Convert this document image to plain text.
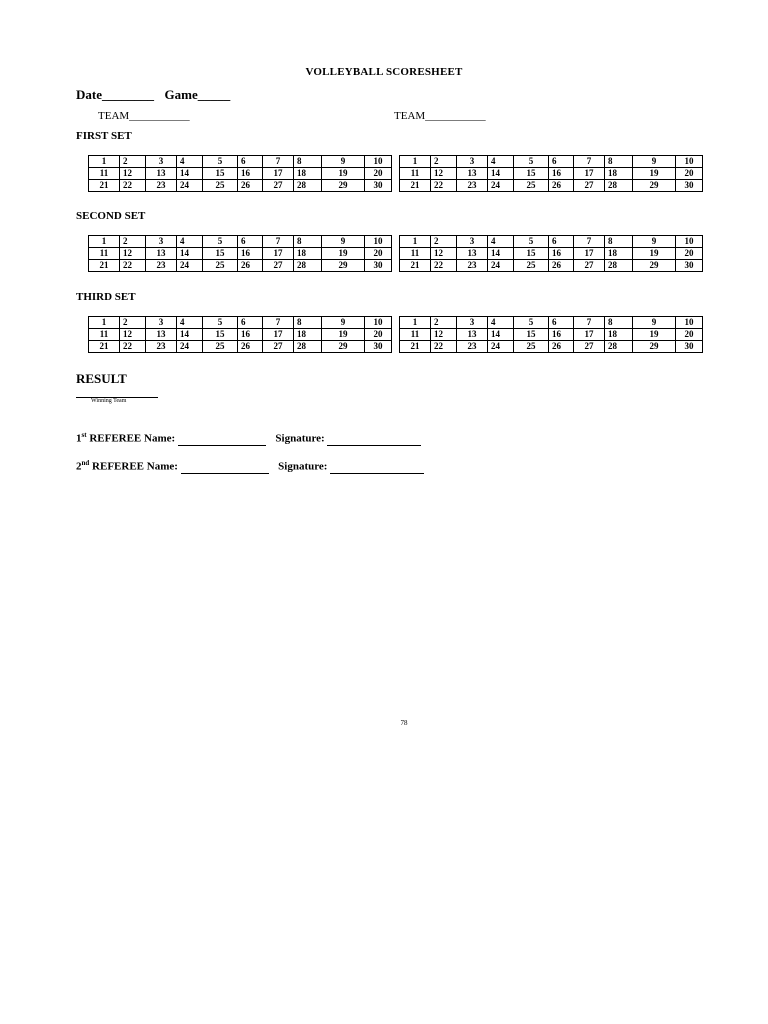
VOLLEYBALL SCORESHEET
Date________ Game_____
TEAM___________	TEAM___________
FIRST SET
SECOND SET
THIRD SET
1	2	3	4	5	6	7	8	9	10
11	12	13	14	15	16	17	18	19	20
21	22	23	24	25	26	27	28	29	30
1	2	3	4	5	6	7	8	9	10
11	12	13	14	15	16	17	18	19	20
21	22	23	24	25	26	27	28	29	30
1	2	3	4	5	6	7	8	9	10
11	12	13	14	15	16	17	18	19	20
21	22	23	24	25	26	27	28	29	30
1	2	3	4	5	6	7	8	9	10
11	12	13	14	15	16	17	18	19	20
21	22	23	24	25	26	27	28	29	30
1	2	3	4	5	6	7	8	9	10
11	12	13	14	15	16	17	18	19	20
21	22	23	24	25	26	27	28	29	30
1	2	3	4	5	6	7	8	9	10
11	12	13	14	15	16	17	18	19	20
21	22	23	24	25	26	27	28	29	30
RESULT
Winning Team
1st REFEREE Name:	Signature:
2nd REFEREE Name:	Signature:
78
